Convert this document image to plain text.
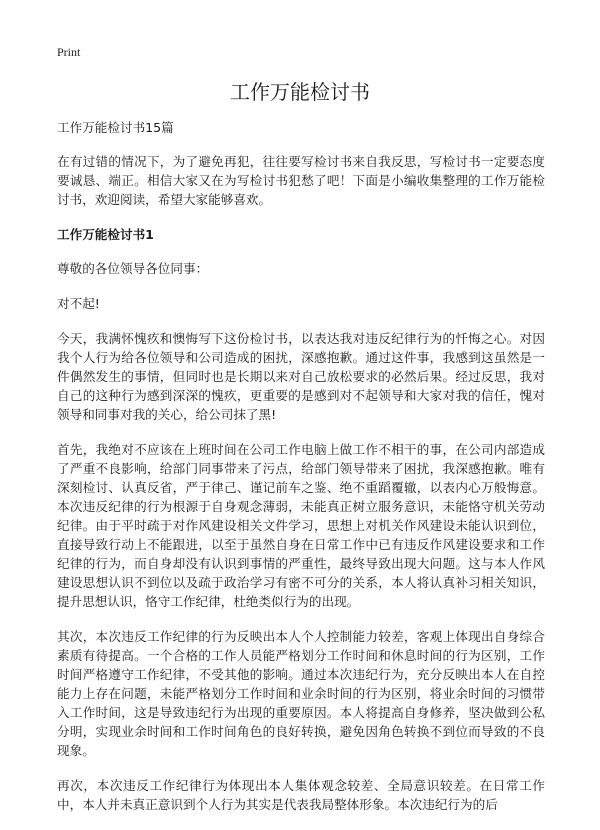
Print
工作万能检讨书

工作万能检讨书15篇

在有过错的情况下，为了避免再犯，往往要写检讨书来自我反思，写检讨书一定要态度要诚恳、端正。相信大家又在为写检讨书犯愁了吧！下面是小编收集整理的工作万能检讨书，欢迎阅读，希望大家能够喜欢。

工作万能检讨书1

尊敬的各位领导各位同事：

对不起!

今天，我满怀愧疚和懊悔写下这份检讨书，以表达我对违反纪律行为的忏悔之心。对因我个人行为给各位领导和公司造成的困扰，深感抱歉。通过这件事，我感到这虽然是一件偶然发生的事情，但同时也是长期以来对自己放松要求的必然后果。经过反思，我对自己的这种行为感到深深的愧疚，更重要的是感到对不起领导和大家对我的信任，愧对领导和同事对我的关心，给公司抹了黑!

首先，我绝对不应该在上班时间在公司工作电脑上做工作不相干的事，在公司内部造成了严重不良影响，给部门同事带来了污点，给部门领导带来了困扰，我深感抱歉。唯有深刻检讨、认真反省，严于律己、谨记前车之鉴、绝不重蹈覆辙，以表内心万般悔意。本次违反纪律的行为根源于自身观念薄弱，未能真正树立服务意识，未能恪守机关劳动纪律。由于平时疏于对作风建设相关文件学习，思想上对机关作风建设未能认识到位，直接导致行动上不能跟进，以至于虽然自身在日常工作中已有违反作风建设要求和工作纪律的行为，而自身却没有认识到事情的严重性，最终导致出现大问题。这与本人作风建设思想认识不到位以及疏于政治学习有密不可分的关系，本人将认真补习相关知识，提升思想认识，恪守工作纪律，杜绝类似行为的出现。

其次，本次违反工作纪律的行为反映出本人个人控制能力较差，客观上体现出自身综合素质有待提高。一个合格的工作人员能严格划分工作时间和休息时间的行为区别，工作时间严格遵守工作纪律，不受其他的影响。通过本次违纪行为，充分反映出本人在自控能力上存在问题，未能严格划分工作时间和业余时间的行为区别，将业余时间的习惯带入工作时间，这是导致违纪行为出现的重要原因。本人将提高自身修养，坚决做到公私分明，实现业余时间和工作时间角色的良好转换，避免因角色转换不到位而导致的不良现象。

再次，本次违反工作纪律行为体现出本人集体观念较差、全局意识较差。在日常工作中，本人并未真正意识到个人行为其实是代表我局整体形象。本次违纪行为的后
